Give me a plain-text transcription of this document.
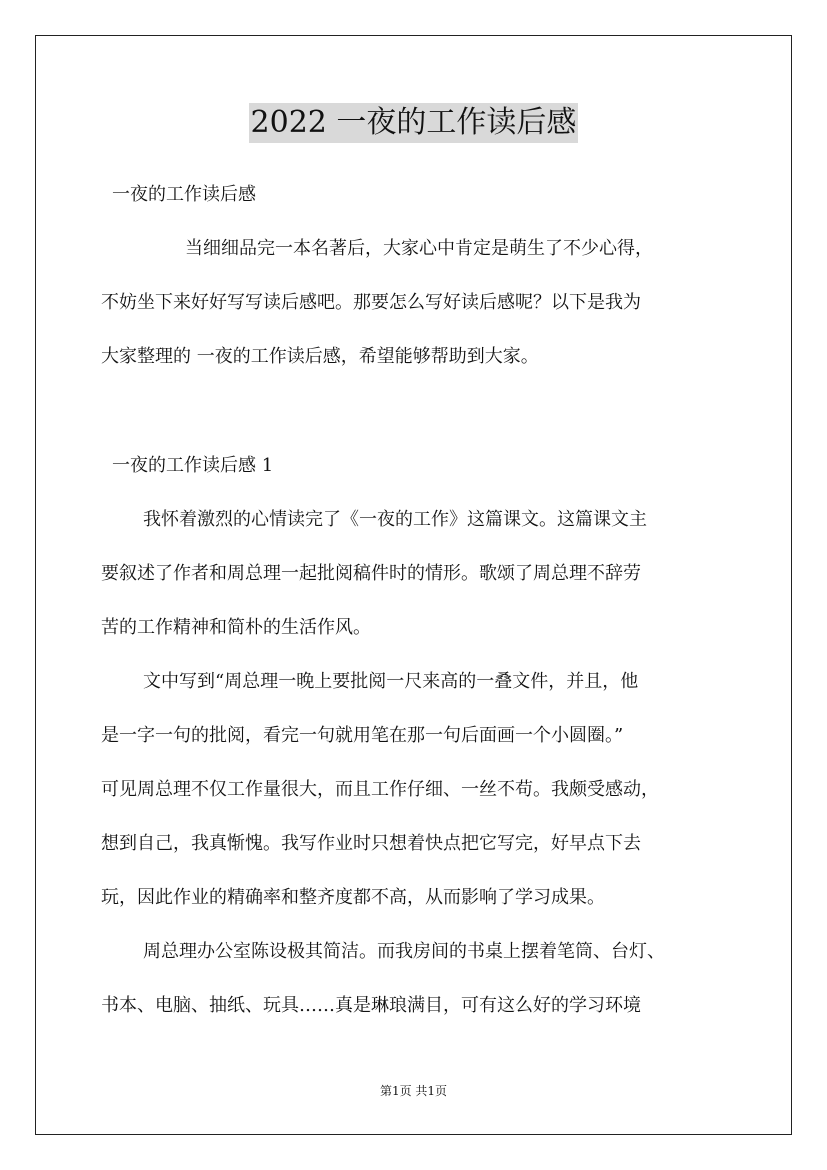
2022 一夜的工作读后感
一夜的工作读后感
当细细品完一本名著后，大家心中肯定是萌生了不少心得，
不妨坐下来好好写写读后感吧。那要怎么写好读后感呢？以下是我为
大家整理的 一夜的工作读后感，希望能够帮助到大家。
一夜的工作读后感 1
我怀着激烈的心情读完了《一夜的工作》这篇课文。这篇课文主
要叙述了作者和周总理一起批阅稿件时的情形。歌颂了周总理不辞劳
苦的工作精神和简朴的生活作风。
文中写到“周总理一晚上要批阅一尺来高的一叠文件，并且，他
是一字一句的批阅，看完一句就用笔在那一句后面画一个小圆圈。”
可见周总理不仅工作量很大，而且工作仔细、一丝不苟。我颇受感动，
想到自己，我真惭愧。我写作业时只想着快点把它写完，好早点下去
玩，因此作业的精确率和整齐度都不高，从而影响了学习成果。
周总理办公室陈设极其简洁。而我房间的书桌上摆着笔筒、台灯、
书本、电脑、抽纸、玩具……真是琳琅满目，可有这么好的学习环境
第1页 共1页
